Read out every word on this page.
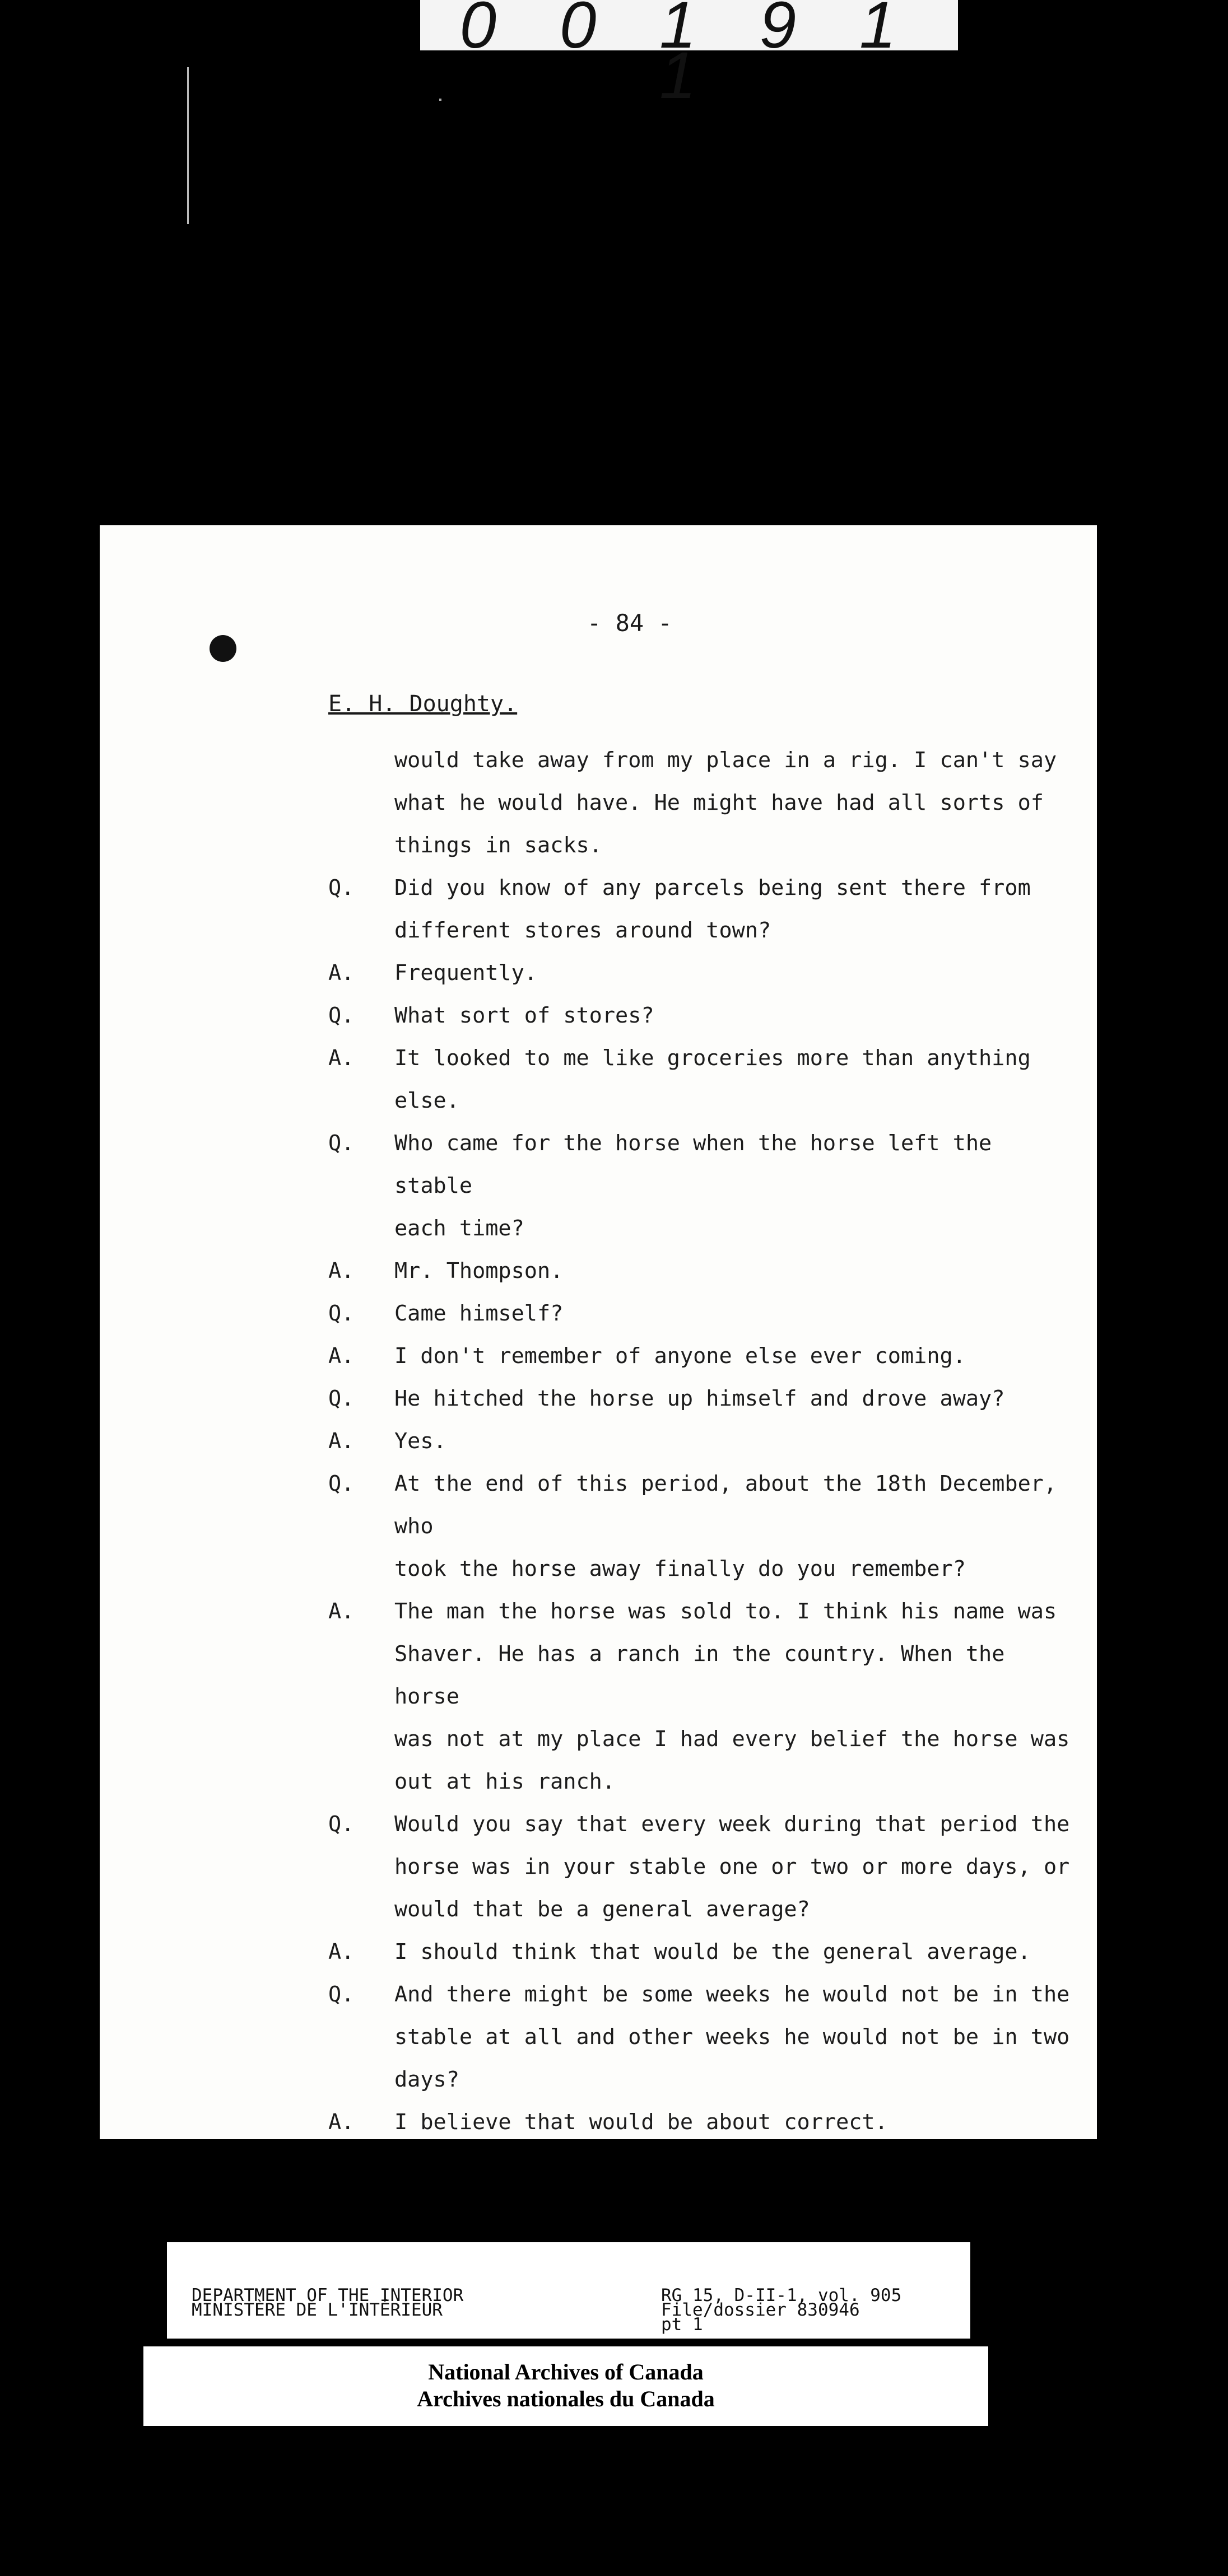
0 0 1 9 1 1
- 84 -
E. H. Doughty.
would take away from my place in a rig. I can't say
what he would have. He might have had all sorts of
things in sacks.
Q.	Did you know of any parcels being sent there from
different stores around town?
A.	Frequently.
Q.	What sort of stores?
A.	It looked to me like groceries more than anything else.
Q.	Who came for the horse when the horse left the stable
each time?
A.	Mr. Thompson.
Q.	Came himself?
A.	I don't remember of anyone else ever coming.
Q.	He hitched the horse up himself and drove away?
A.	Yes.
Q.	At the end of this period, about the 18th December, who
took the horse away finally do you remember?
A.	The man the horse was sold to. I think his name was
Shaver. He has a ranch in the country. When the horse
was not at my place I had every belief the horse was
out at his ranch.
Q.	Would you say that every week during that period the
horse was in your stable one or two or more days, or
would that be a general average?
A.	I should think that would be the general average.
Q.	And there might be some weeks he would not be in the
stable at all and other weeks he would not be in two
days?
A.	I believe that would be about correct.
DEPARTMENT OF THE INTERIOR
MINISTÈRE DE L'INTÉRIEUR
RG 15, D-II-1, vol. 905
File/dossier 830946
pt 1
National Archives of Canada
Archives nationales du Canada
